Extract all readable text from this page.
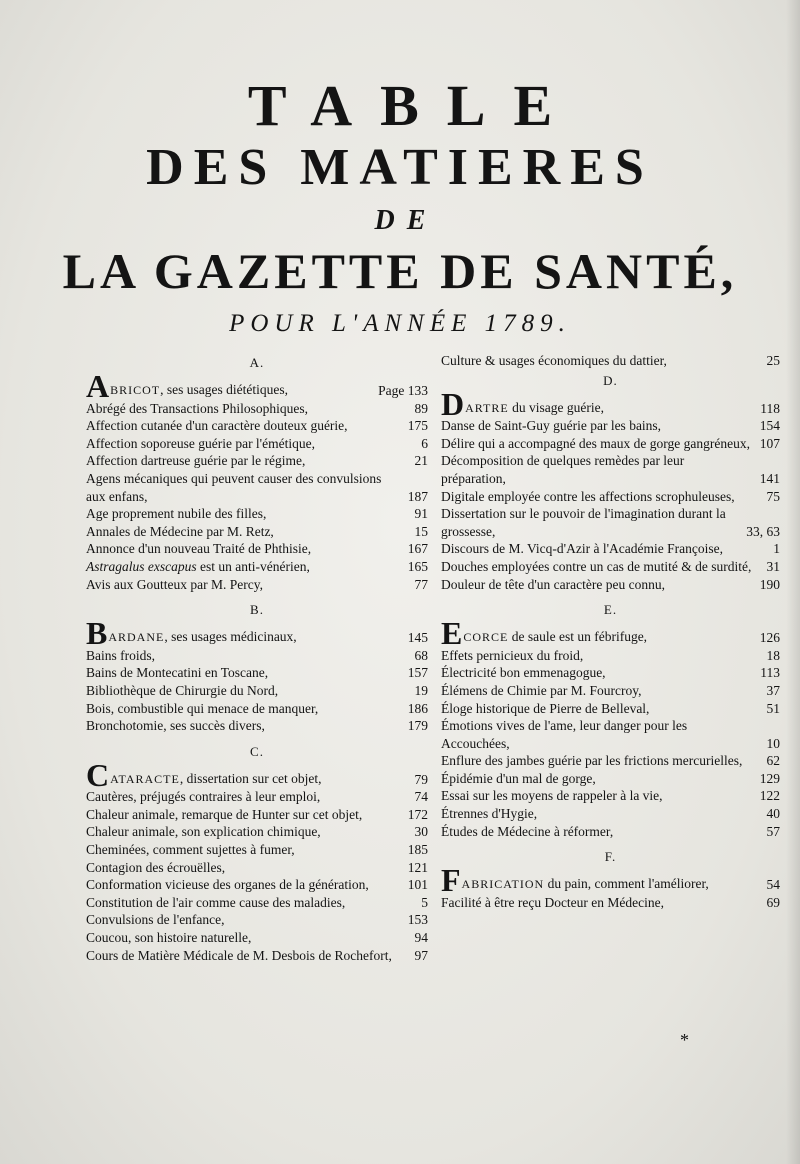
TABLE
DES MATIERES
DE
LA GAZETTE DE SANTÉ,
POUR L'ANNÉE 1789.
A.
ABRICOT, ses usages diététiques,	Page 133
Abrégé des Transactions Philosophiques,	89
Affection cutanée d'un caractère douteux guérie,	175
Affection soporeuse guérie par l'émétique,	6
Affection dartreuse guérie par le régime,	21
Agens mécaniques qui peuvent causer des convulsions aux enfans,	187
Age proprement nubile des filles,	91
Annales de Médecine par M. Retz,	15
Annonce d'un nouveau Traité de Phthisie,	167
Astragalus exscapus est un anti-vénérien,	165
Avis aux Goutteux par M. Percy,	77
B.
BARDANE, ses usages médicinaux,	145
Bains froids,	68
Bains de Montecatini en Toscane,	157
Bibliothèque de Chirurgie du Nord,	19
Bois, combustible qui menace de manquer,	186
Bronchotomie, ses succès divers,	179
C.
CATARACTE, dissertation sur cet objet,	79
Cautères, préjugés contraires à leur emploi,	74
Chaleur animale, remarque de Hunter sur cet objet,	172
Chaleur animale, son explication chimique,	30
Cheminées, comment sujettes à fumer,	185
Contagion des écrouëlles,	121
Conformation vicieuse des organes de la génération,	101
Constitution de l'air comme cause des maladies,	5
Convulsions de l'enfance,	153
Coucou, son histoire naturelle,	94
Cours de Matière Médicale de M. Desbois de Rochefort, 97
Culture & usages économiques du dattier,	25
D.
DARTRE du visage guérie,	118
Danse de Saint-Guy guérie par les bains,	154
Délire qui a accompagné des maux de gorge gangréneux, 107
Décomposition de quelques remèdes par leur préparation,	141
Digitale employée contre les affections scrophuleuses, 75
Dissertation sur le pouvoir de l'imagination durant la grossesse,	33, 63
Discours de M. Vicq-d'Azir à l'Académie Françoise,	1
Douches employées contre un cas de mutité & de surdité, 31
Douleur de tête d'un caractère peu connu,	190
E.
ECORCE de saule est un fébrifuge,	126
Effets pernicieux du froid,	18
Électricité bon emmenagogue,	113
Élémens de Chimie par M. Fourcroy,	37
Éloge historique de Pierre de Belleval,	51
Émotions vives de l'ame, leur danger pour les Accouchées,	10
Enflure des jambes guérie par les frictions mercurielles, 62
Épidémie d'un mal de gorge,	129
Essai sur les moyens de rappeler à la vie,	122
Étrennes d'Hygie,	40
Études de Médecine à réformer,	57
F.
FABRICATION du pain, comment l'améliorer,	54
Facilité à être reçu Docteur en Médecine,	69
*
